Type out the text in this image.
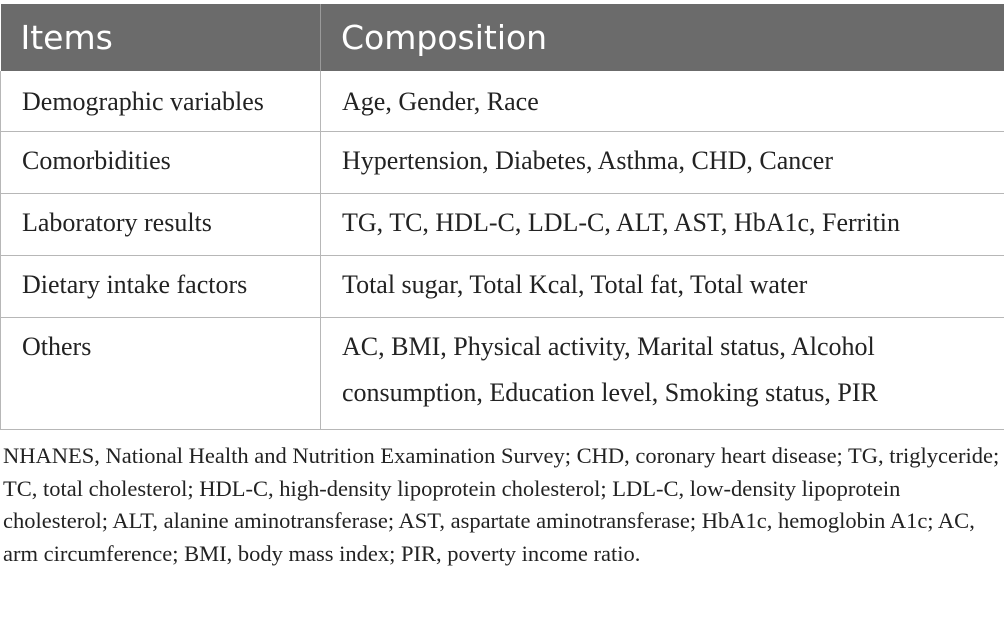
Items	Composition
Demographic variables	Age, Gender, Race
Comorbidities	Hypertension, Diabetes, Asthma, CHD, Cancer
Laboratory results	TG, TC, HDL-C, LDL-C, ALT, AST, HbA1c, Ferritin
Dietary intake factors	Total sugar, Total Kcal, Total fat, Total water
Others	AC, BMI, Physical activity, Marital status, Alcohol consumption, Education level, Smoking status, PIR

NHANES, National Health and Nutrition Examination Survey; CHD, coronary heart disease; TG, triglyceride; TC, total cholesterol; HDL-C, high-density lipoprotein cholesterol; LDL-C, low-density lipoprotein cholesterol; ALT, alanine aminotransferase; AST, aspartate aminotransferase; HbA1c, hemoglobin A1c; AC, arm circumference; BMI, body mass index; PIR, poverty income ratio.
